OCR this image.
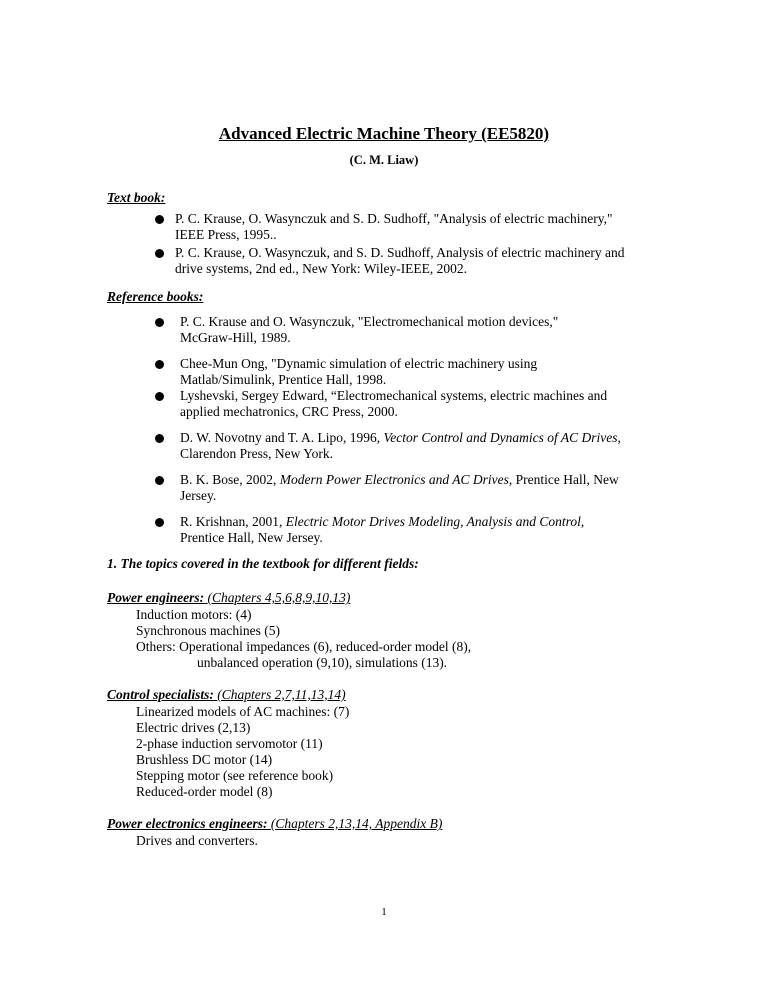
Advanced Electric Machine Theory (EE5820)
(C. M. Liaw)
Text book:
P. C. Krause, O. Wasynczuk and S. D. Sudhoff, "Analysis of electric machinery,"
IEEE Press, 1995..
P. C. Krause, O. Wasynczuk, and S. D. Sudhoff, Analysis of electric machinery and
drive systems, 2nd ed., New York: Wiley-IEEE, 2002.
Reference books:
P. C. Krause and O. Wasynczuk, "Electromechanical motion devices,"
McGraw-Hill, 1989.
Chee-Mun Ong, "Dynamic simulation of electric machinery using
Matlab/Simulink, Prentice Hall, 1998.
Lyshevski, Sergey Edward, “Electromechanical systems, electric machines and
applied mechatronics, CRC Press, 2000.
D. W. Novotny and T. A. Lipo, 1996, Vector Control and Dynamics of AC Drives,
Clarendon Press, New York.
B. K. Bose, 2002, Modern Power Electronics and AC Drives, Prentice Hall, New
Jersey.
R. Krishnan, 2001, Electric Motor Drives Modeling, Analysis and Control,
Prentice Hall, New Jersey.
1. The topics covered in the textbook for different fields:
Power engineers: (Chapters 4,5,6,8,9,10,13)
Induction motors: (4)
Synchronous machines (5)
Others: Operational impedances (6), reduced-order model (8),
unbalanced operation (9,10), simulations (13).
Control specialists: (Chapters 2,7,11,13,14)
Linearized models of AC machines: (7)
Electric drives (2,13)
2-phase induction servomotor (11)
Brushless DC motor (14)
Stepping motor (see reference book)
Reduced-order model (8)
Power electronics engineers: (Chapters 2,13,14, Appendix B)
Drives and converters.
1
